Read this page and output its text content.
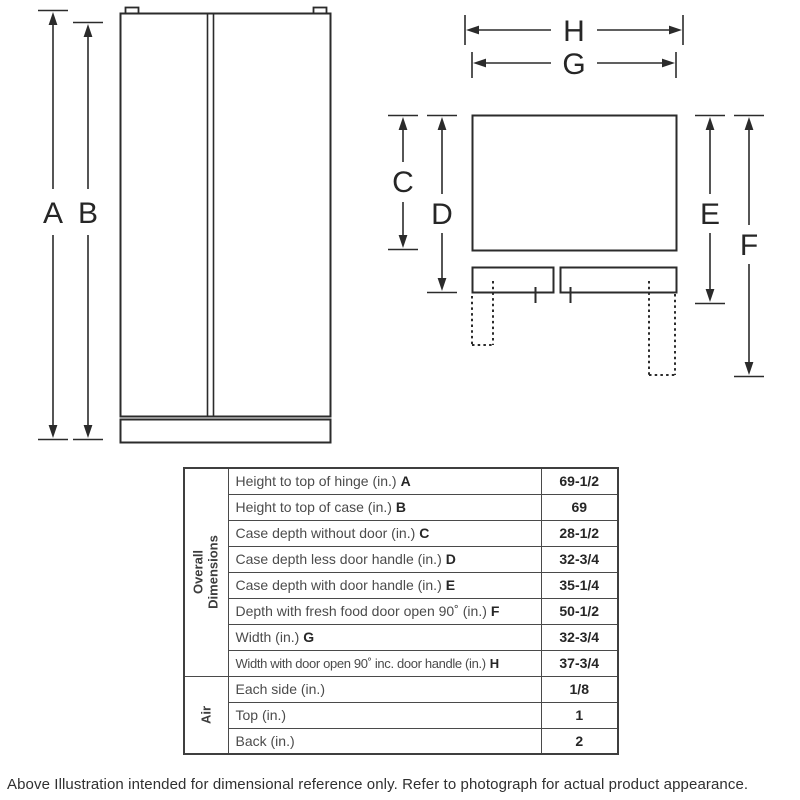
A B
H
G
C
D	E
F
Overall Dimensions	Height to top of hinge (in.) A	69-1/2
	Height to top of case (in.) B	69
	Case depth without door (in.) C	28-1/2
	Case depth less door handle (in.) D	32-3/4
	Case depth with door handle (in.) E	35-1/4
	Depth with fresh food door open 90˚ (in.) F	50-1/2
	Width (in.) G	32-3/4
	Width with door open 90˚ inc. door handle (in.) H	37-3/4

Air	Each side (in.)	1/8
	Top (in.)	1
	Back (in.)	2
Above Illustration intended for dimensional reference only. Refer to photograph for actual product appearance.
